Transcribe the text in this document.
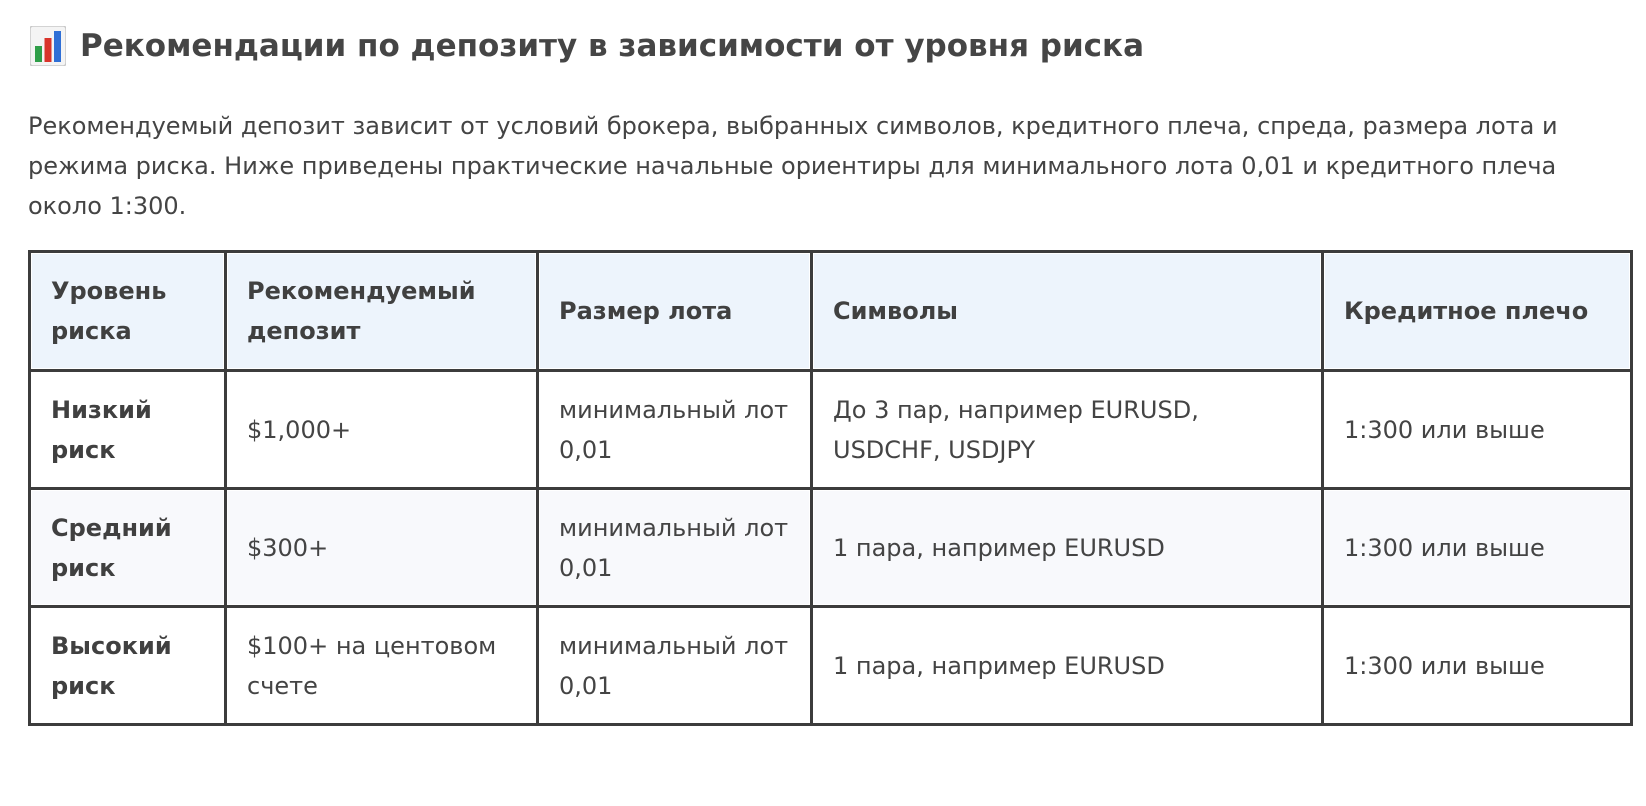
Рекомендации по депозиту в зависимости от уровня риска

Рекомендуемый депозит зависит от условий брокера, выбранных символов, кредитного плеча, спреда, размера лота и режима риска. Ниже приведены практические начальные ориентиры для минимального лота 0,01 и кредитного плеча около 1:300.

Уровень риска	Рекомендуемый депозит	Размер лота	Символы	Кредитное плечо
Низкий риск	$1,000+	минимальный лот 0,01	До 3 пар, например EURUSD, USDCHF, USDJPY	1:300 или выше
Средний риск	$300+	минимальный лот 0,01	1 пара, например EURUSD	1:300 или выше
Высокий риск	$100+ на центовом счете	минимальный лот 0,01	1 пара, например EURUSD	1:300 или выше
